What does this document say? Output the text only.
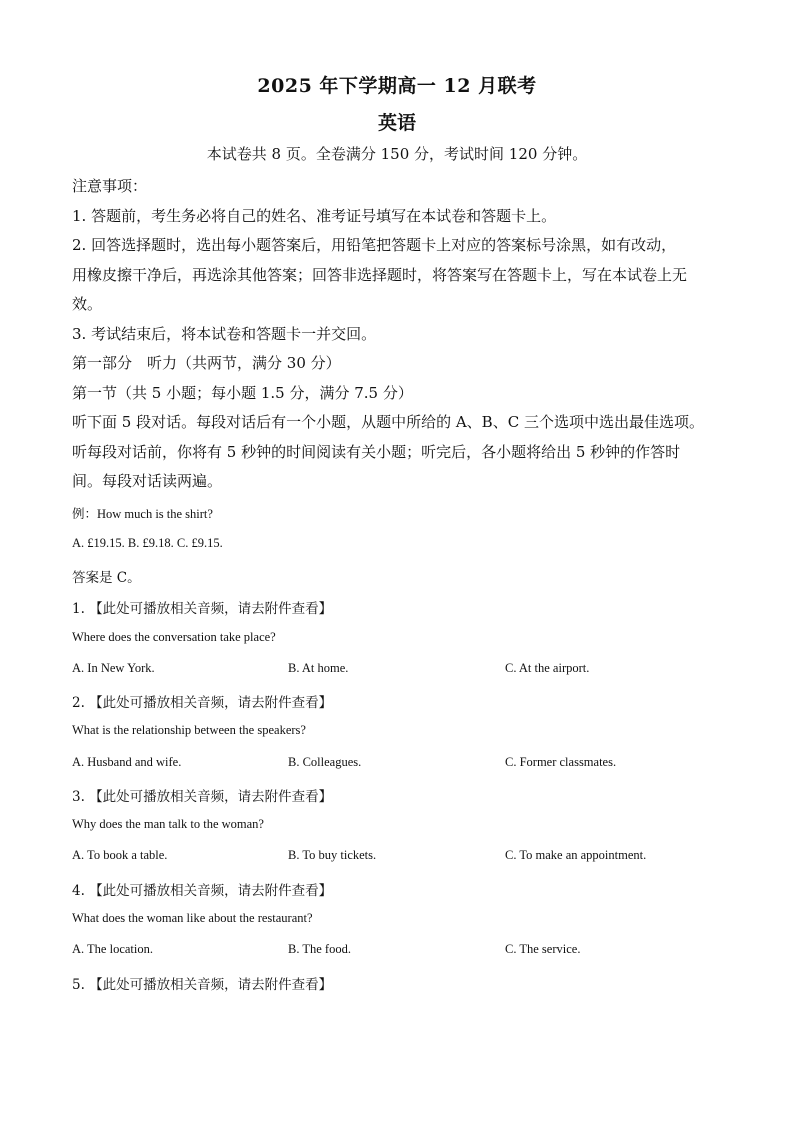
2025 年下学期高一 12 月联考
英语
本试卷共 8 页。全卷满分 150 分，考试时间 120 分钟。
注意事项：
1. 答题前，考生务必将自己的姓名、准考证号填写在本试卷和答题卡上。
2. 回答选择题时，选出每小题答案后，用铅笔把答题卡上对应的答案标号涂黑，如有改动，
用橡皮擦干净后，再选涂其他答案；回答非选择题时，将答案写在答题卡上，写在本试卷上无
效。
3. 考试结束后，将本试卷和答题卡一并交回。
第一部分　听力（共两节，满分 30 分）
第一节（共 5 小题；每小题 1.5 分，满分 7.5 分）
听下面 5 段对话。每段对话后有一个小题，从题中所给的 A、B、C 三个选项中选出最佳选项。
听每段对话前，你将有 5 秒钟的时间阅读有关小题；听完后，各小题将给出 5 秒钟的作答时
间。每段对话读两遍。
例：How much is the shirt?
A. £19.15. B. £9.18. C. £9.15.
答案是 C。
1. 【此处可播放相关音频，请去附件查看】
Where does the conversation take place?
A. In New York.	B. At home.	C. At the airport.
2. 【此处可播放相关音频，请去附件查看】
What is the relationship between the speakers?
A. Husband and wife.	B. Colleagues.	C. Former classmates.
3. 【此处可播放相关音频，请去附件查看】
Why does the man talk to the woman?
A. To book a table.	B. To buy tickets.	C. To make an appointment.
4. 【此处可播放相关音频，请去附件查看】
What does the woman like about the restaurant?
A. The location.	B. The food.	C. The service.
5. 【此处可播放相关音频，请去附件查看】
